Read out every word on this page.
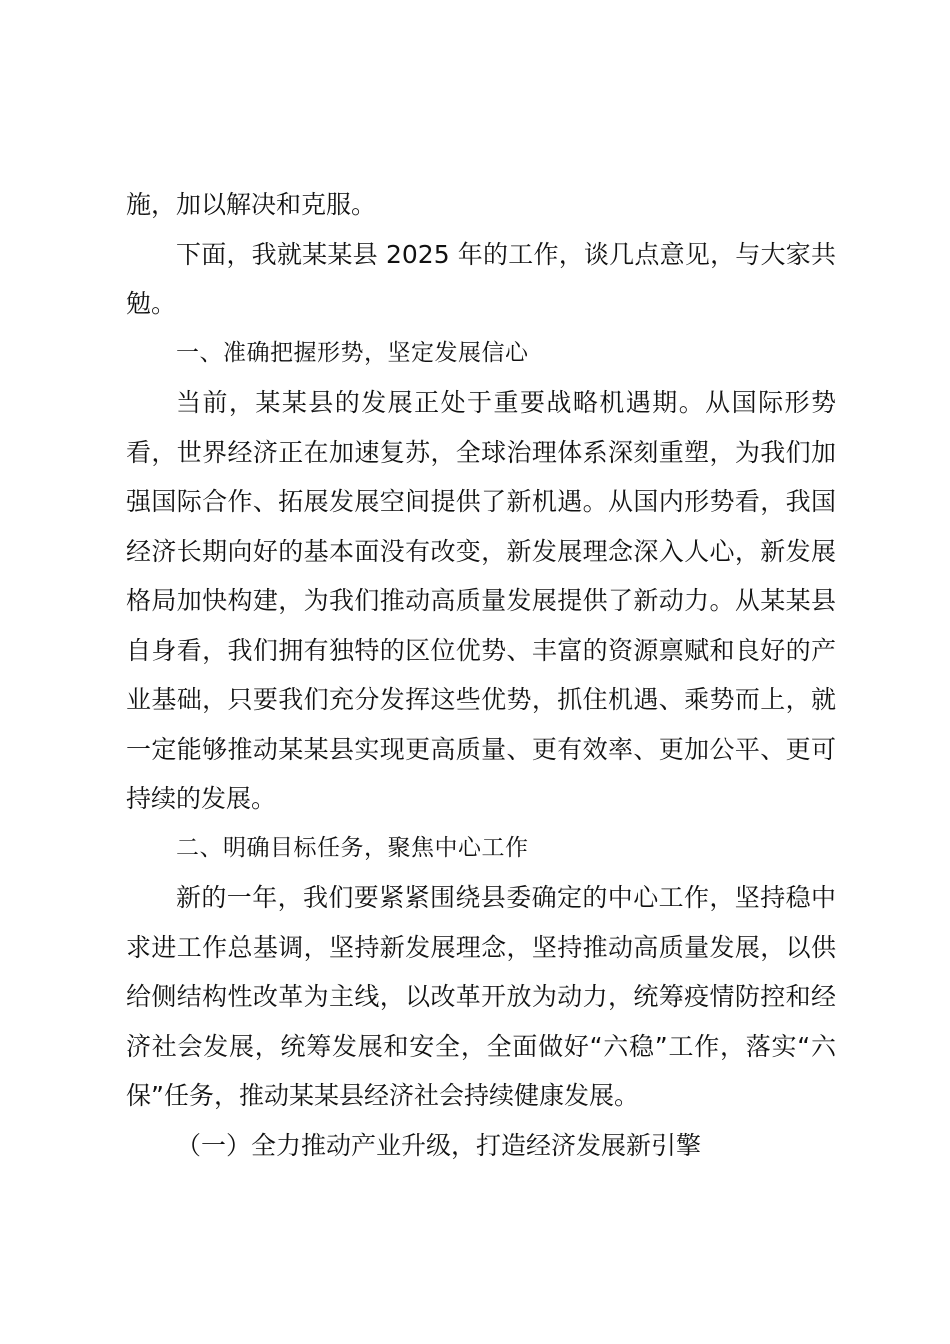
施，加以解决和克服。

下面，我就某某县 2025 年的工作，谈几点意见，与大家共勉。

一、准确把握形势，坚定发展信心

当前，某某县的发展正处于重要战略机遇期。从国际形势看，世界经济正在加速复苏，全球治理体系深刻重塑，为我们加强国际合作、拓展发展空间提供了新机遇。从国内形势看，我国经济长期向好的基本面没有改变，新发展理念深入人心，新发展格局加快构建，为我们推动高质量发展提供了新动力。从某某县自身看，我们拥有独特的区位优势、丰富的资源禀赋和良好的产业基础，只要我们充分发挥这些优势，抓住机遇、乘势而上，就一定能够推动某某县实现更高质量、更有效率、更加公平、更可持续的发展。

二、明确目标任务，聚焦中心工作

新的一年，我们要紧紧围绕县委确定的中心工作，坚持稳中求进工作总基调，坚持新发展理念，坚持推动高质量发展，以供给侧结构性改革为主线，以改革开放为动力，统筹疫情防控和经济社会发展，统筹发展和安全，全面做好“六稳”工作，落实“六保”任务，推动某某县经济社会持续健康发展。

（一）全力推动产业升级，打造经济发展新引擎
